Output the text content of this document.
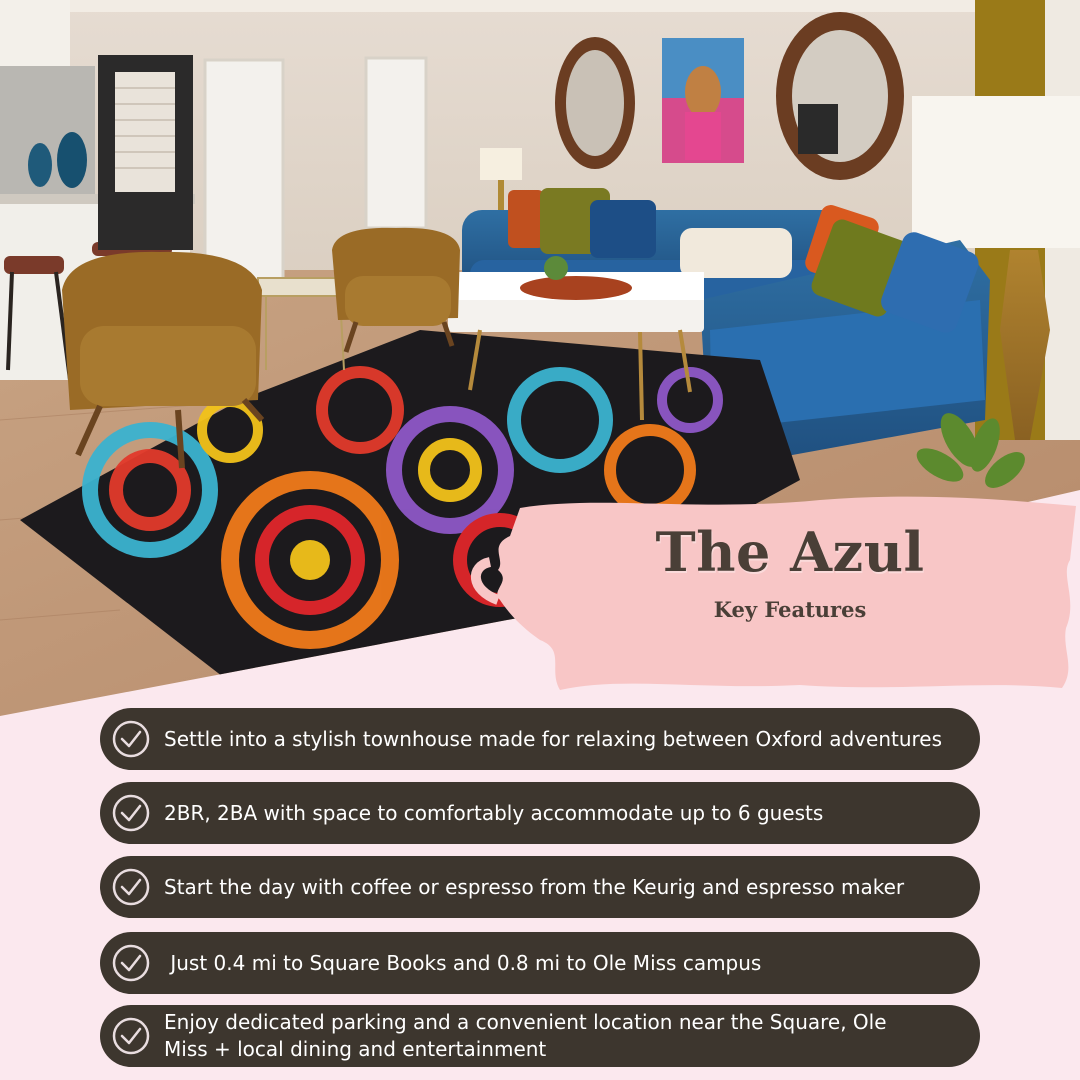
The Azul
Key Features
Settle into a stylish townhouse made for relaxing between Oxford adventures
2BR, 2BA with space to comfortably accommodate up to 6 guests
Start the day with coffee or espresso from the Keurig and espresso maker
Just 0.4 mi to Square Books and 0.8 mi to Ole Miss campus
Enjoy dedicated parking and a convenient location near the Square, Ole Miss + local dining and entertainment
